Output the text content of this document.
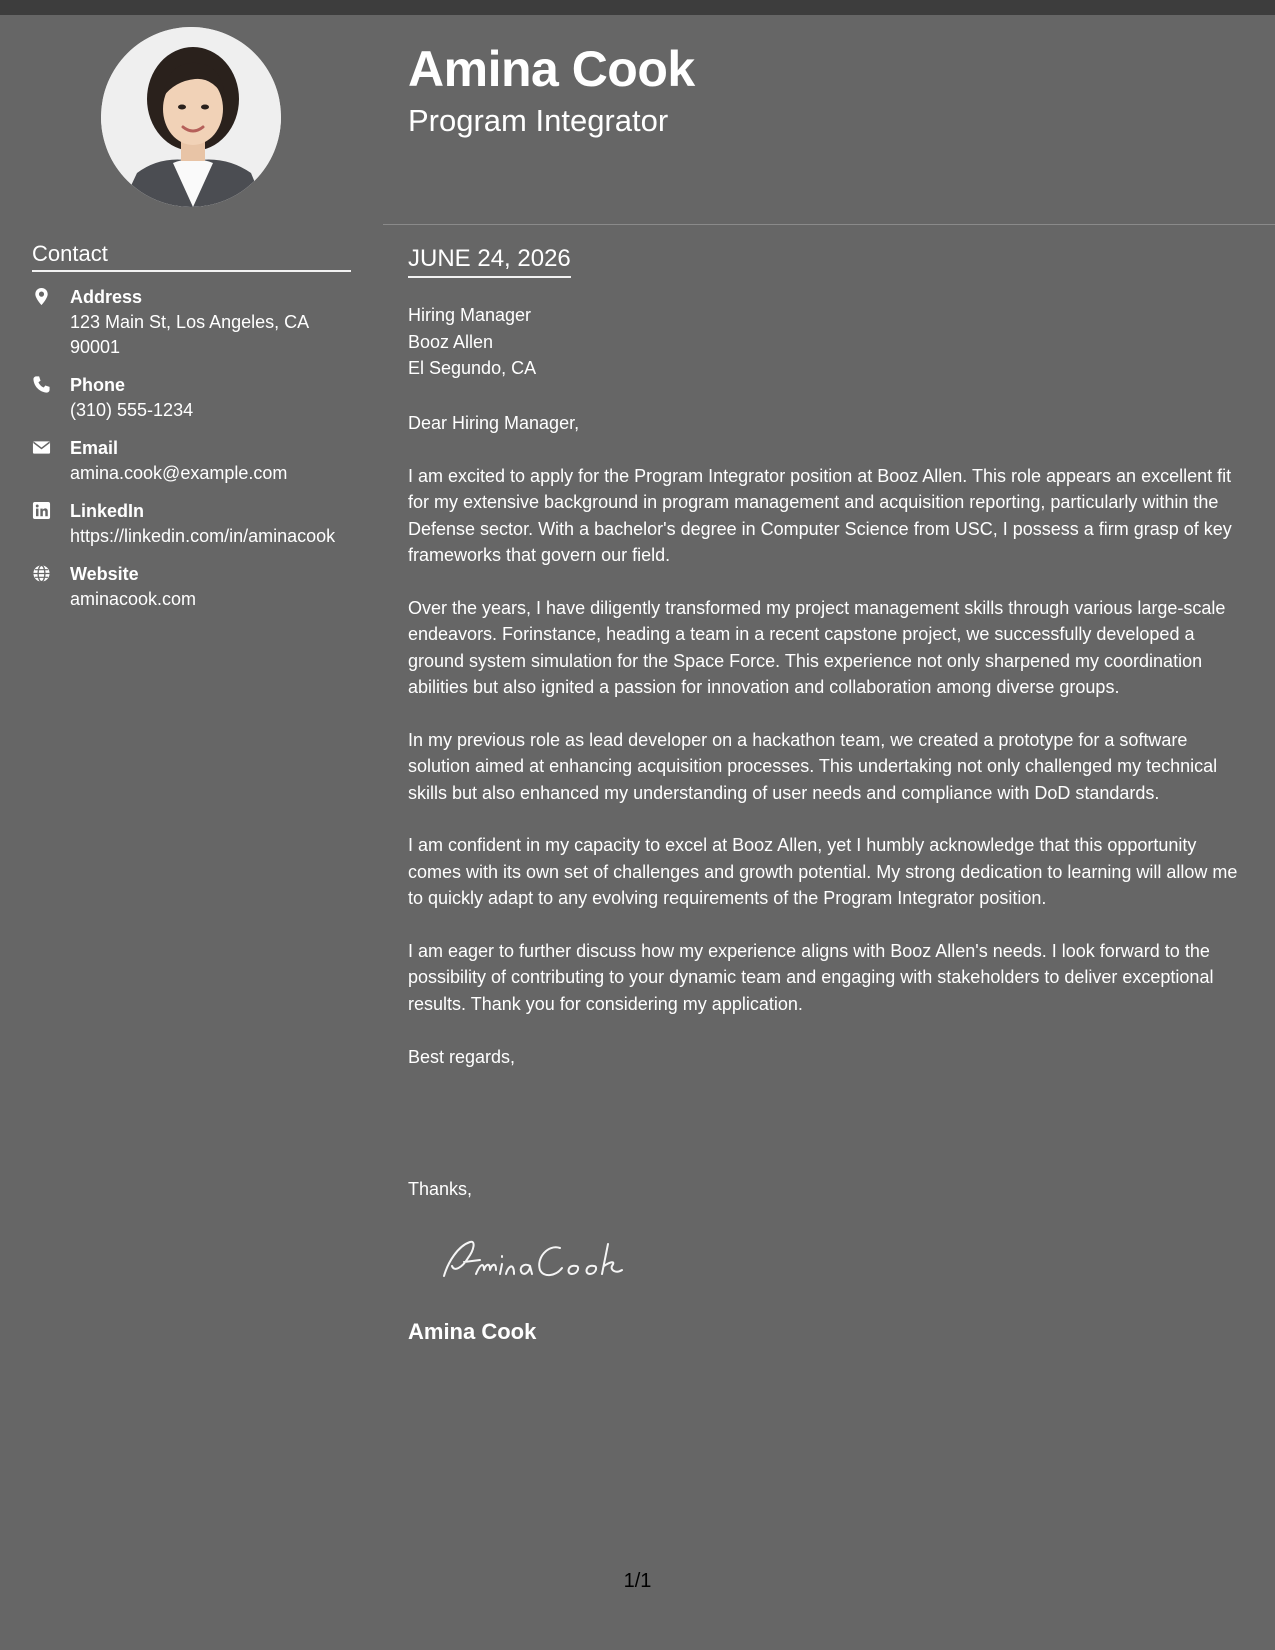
Amina Cook
Program Integrator
Contact
Address
123 Main St, Los Angeles, CA 90001
Phone
(310) 555-1234
Email
amina.cook@example.com
LinkedIn
https://linkedin.com/in/aminacook
Website
aminacook.com
JUNE 24, 2026
Hiring Manager
Booz Allen
El Segundo, CA

Dear Hiring Manager,

I am excited to apply for the Program Integrator position at Booz Allen. This role appears an excellent fit for my extensive background in program management and acquisition reporting, particularly within the Defense sector. With a bachelor's degree in Computer Science from USC, I possess a firm grasp of key frameworks that govern our field.

Over the years, I have diligently transformed my project management skills through various large-scale endeavors. Forinstance, heading a team in a recent capstone project, we successfully developed a ground system simulation for the Space Force. This experience not only sharpened my coordination abilities but also ignited a passion for innovation and collaboration among diverse groups.

In my previous role as lead developer on a hackathon team, we created a prototype for a software solution aimed at enhancing acquisition processes. This undertaking not only challenged my technical skills but also enhanced my understanding of user needs and compliance with DoD standards.

I am confident in my capacity to excel at Booz Allen, yet I humbly acknowledge that this opportunity comes with its own set of challenges and growth potential. My strong dedication to learning will allow me to quickly adapt to any evolving requirements of the Program Integrator position.

I am eager to further discuss how my experience aligns with Booz Allen's needs. I look forward to the possibility of contributing to your dynamic team and engaging with stakeholders to deliver exceptional results. Thank you for considering my application.

Best regards,

Thanks,
Amina Cook
1/1
